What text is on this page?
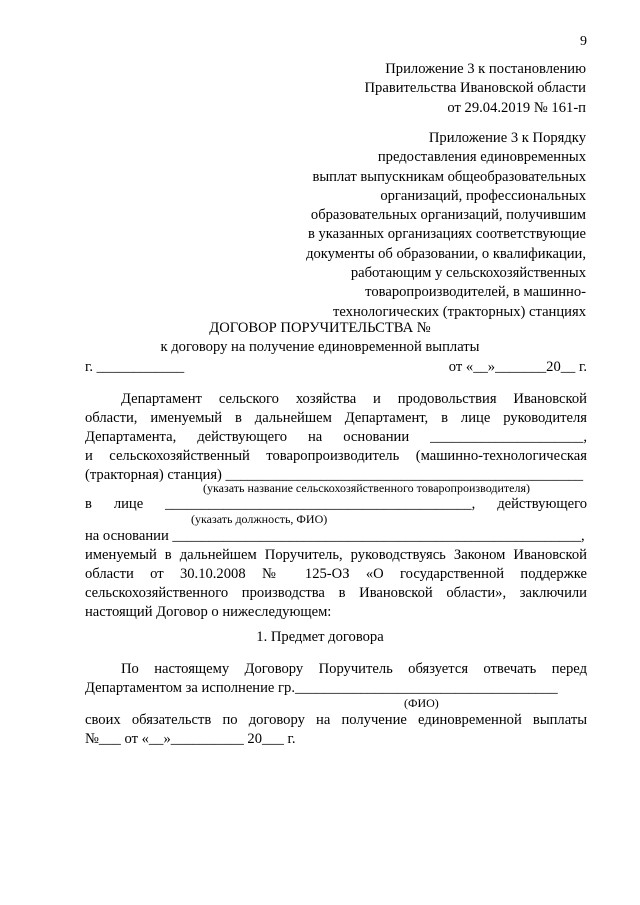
9
Приложение 3 к постановлению
Правительства Ивановской области
от 29.04.2019 № 161-п
Приложение 3 к Порядку
предоставления единовременных
выплат выпускникам общеобразовательных
организаций, профессиональных
образовательных организаций, получившим
в указанных организациях соответствующие
документы об образовании, о квалификации,
работающим у сельскохозяйственных
товаропроизводителей, в машинно-
технологических (тракторных) станциях
ДОГОВОР ПОРУЧИТЕЛЬСТВА №
к договору на получение единовременной выплаты
г. ____________	от «__»_______20__ г.
Департамент сельского хозяйства и продовольствия Ивановской
области, именуемый в дальнейшем Департамент, в лице руководителя
Департамента, действующего на основании _____________________,
и сельскохозяйственный товаропроизводитель (машинно-технологическая
(тракторная) станция) _________________________________________________
(указать название сельскохозяйственного товаропроизводителя)
в лице __________________________________________, действующего
(указать должность, ФИО)
на основании ________________________________________________________,
именуемый в дальнейшем Поручитель, руководствуясь Законом Ивановской
области от 30.10.2008 № 125-ОЗ «О государственной поддержке
сельскохозяйственного производства в Ивановской области», заключили
настоящий Договор о нижеследующем:
1. Предмет договора
По настоящему Договору Поручитель обязуется отвечать перед
Департаментом за исполнение гр.____________________________________
(ФИО)
своих обязательств по договору на получение единовременной выплаты
№___ от «__»__________ 20___ г.
